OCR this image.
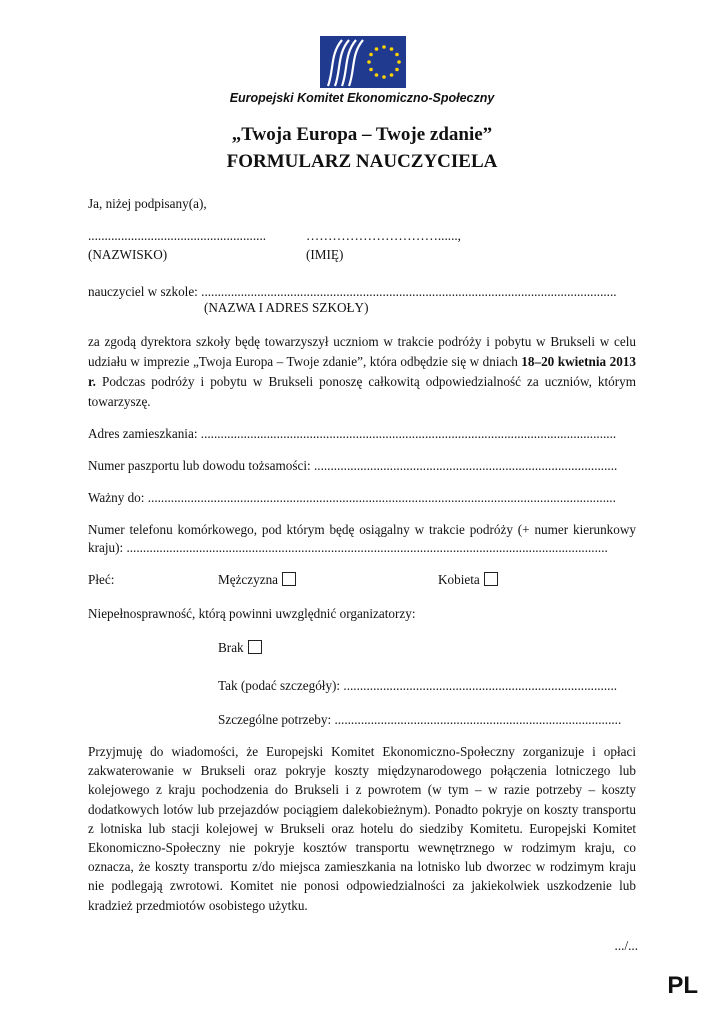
Europejski Komitet Ekonomiczno-Społeczny
„Twoja Europa – Twoje zdanie”
FORMULARZ NAUCZYCIELA
Ja, niżej podpisany(a),
......................................................	…………………………......,
(NAZWISKO)	(IMIĘ)
nauczyciel w szkole: ..............................................................................................................................
(NAZWA I ADRES SZKOŁY)
za zgodą dyrektora szkoły będę towarzyszył uczniom w trakcie podróży i pobytu w Brukseli w celu udziału w imprezie „Twoja Europa – Twoje zdanie”, która odbędzie się w dniach 18–20 kwietnia 2013 r. Podczas podróży i pobytu w Brukseli ponoszę całkowitą odpowiedzialność za uczniów, którym towarzyszę.
Adres zamieszkania: ..............................................................................................................................
Numer paszportu lub dowodu tożsamości: ............................................................................................
Ważny do: ..............................................................................................................................................
Numer telefonu komórkowego, pod którym będę osiągalny w trakcie podróży (+ numer kierunkowy
kraju): ..................................................................................................................................................
Płeć:	Mężczyzna	Kobieta
Niepełnosprawność, którą powinni uwzględnić organizatorzy:
Brak
Tak (podać szczegóły): ...................................................................................
Szczególne potrzeby: .......................................................................................
Przyjmuję do wiadomości, że Europejski Komitet Ekonomiczno-Społeczny zorganizuje i opłaci zakwaterowanie w Brukseli oraz pokryje koszty międzynarodowego połączenia lotniczego lub kolejowego z kraju pochodzenia do Brukseli i z powrotem (w tym – w razie potrzeby – koszty dodatkowych lotów lub przejazdów pociągiem dalekobieżnym). Ponadto pokryje on koszty transportu z lotniska lub stacji kolejowej w Brukseli oraz hotelu do siedziby Komitetu. Europejski Komitet Ekonomiczno-Społeczny nie pokryje kosztów transportu wewnętrznego w rodzimym kraju, co oznacza, że koszty transportu z/do miejsca zamieszkania na lotnisko lub dworzec w rodzimym kraju nie podlegają zwrotowi. Komitet nie ponosi odpowiedzialności za jakiekolwiek uszkodzenie lub kradzież przedmiotów osobistego użytku.
.../...
PL
